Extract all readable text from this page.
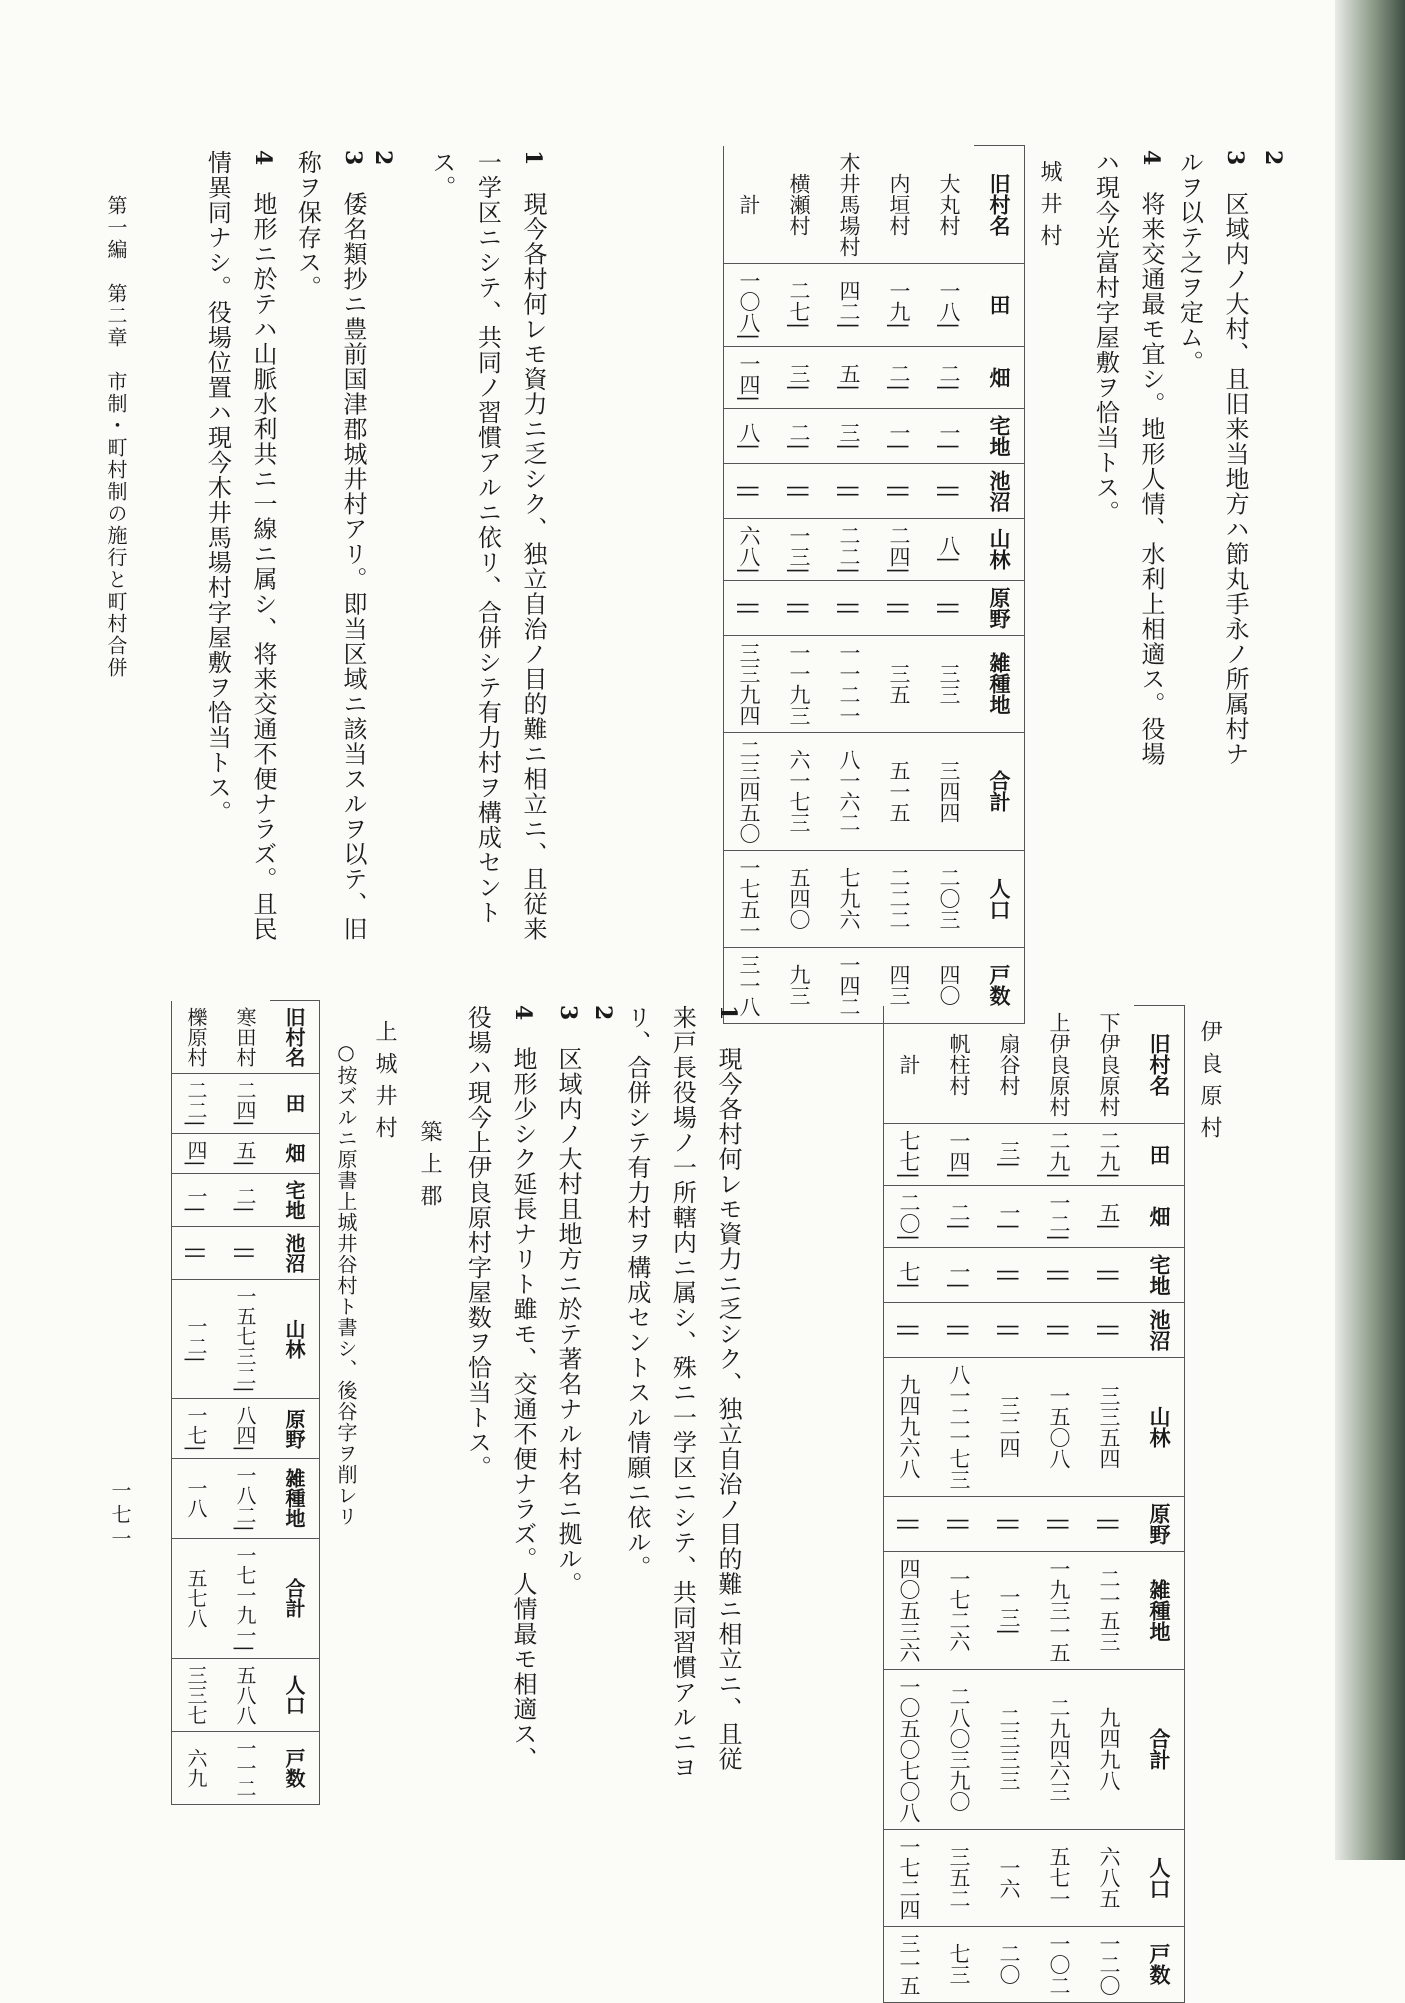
2
3　区域内ノ大村、且旧来当地方ハ節丸手永ノ所属村ナルヲ以テ之ヲ定ム。
4　将来交通最モ宜シ。地形人情、水利上相適ス。役場ハ現今光富村字屋敷ヲ恰当トス。
城井村
旧村名	田	畑	宅地	池沼	山林	原野	雑種地	合計	人口	戸数
大丸村	一八|	二|	一|	||	八|	||	三三	三四四	二〇三	四〇
内垣村	一九|	二|	一|	||	二四|	||	三五	五一五	二二二	四三
木井馬場村	四二|	五|	三|	||	二二|	||	一一二一	八一六二	七九六	一四二
横瀬村	二七|	三|	二|	||	一三|	||	一一九三	六一七三	五四〇	九三
計	一〇八|	一四|	八|	||	六八|	||	三三九四	二三四五〇	一七五一	三一八
1　現今各村何レモ資力ニ乏シク、独立自治ノ目的難ニ相立ニ、且従来一学区ニシテ、共同ノ習慣アルニ依リ、合併シテ有力村ヲ構成セントス。
2
3　倭名類抄ニ豊前国津郡城井村アリ。即当区域ニ該当スルヲ以テ、旧称ヲ保存ス。
4　地形ニ於テハ山脈水利共ニ一線ニ属シ、将来交通不便ナラズ。且民情異同ナシ。役場位置ハ現今木井馬場村字屋敷ヲ恰当トス。
伊良原村
旧村名	田	畑	宅地	池沼	山林	原野	雑種地	合計	人口	戸数
下伊良原村	二九|	五|	||	||	三三五四	||	二一五三	九四九八	六八五	一二〇
上伊良原村	二九|	一二|	||	||	一五〇八	||	一九三一五	二九四六三	五七一	一〇二
扇谷村	三|	一|	||	||	三二四	||	一三|	二三三三	一六	二〇
帆柱村	一四|	二|	一|	||	八一二一七三	||	一七二六	二八〇三九〇	三五二	七三
計	七七|	二〇|	七|	||	九四九六八	||	四〇五三六	一〇五〇七〇八	一七二四	三一五
1　現今各村何レモ資力ニ乏シク、独立自治ノ目的難ニ相立ニ、且従来戸長役場ノ一所轄内ニ属シ、殊ニ一学区ニシテ、共同習慣アルニヨリ、合併シテ有力村ヲ構成セントスル情願ニ依ル。
2
3　区域内ノ大村且地方ニ於テ著名ナル村名ニ拠ル。
4　地形少シク延長ナリト雖モ、交通不便ナラズ。人情最モ相適ス、役場ハ現今上伊良原村字屋数ヲ恰当トス。
築上郡
上城井村
○按ズルニ原書上城井谷村ト書シ、後谷字ヲ削レリ
旧村名	田	畑	宅地	池沼	山林	原野	雑種地	合計	人口	戸数
寒田村	二四|	五|	二|	||	一五七三二|	八四|	一八二|	一七一九一|	五八八	一一二
櫟原村	二二|	四|	一|	||	一二|	一七|	一八	五七八	三三七	六九
第一編　第二章　市制・町村制の施行と町村合併
一七一
